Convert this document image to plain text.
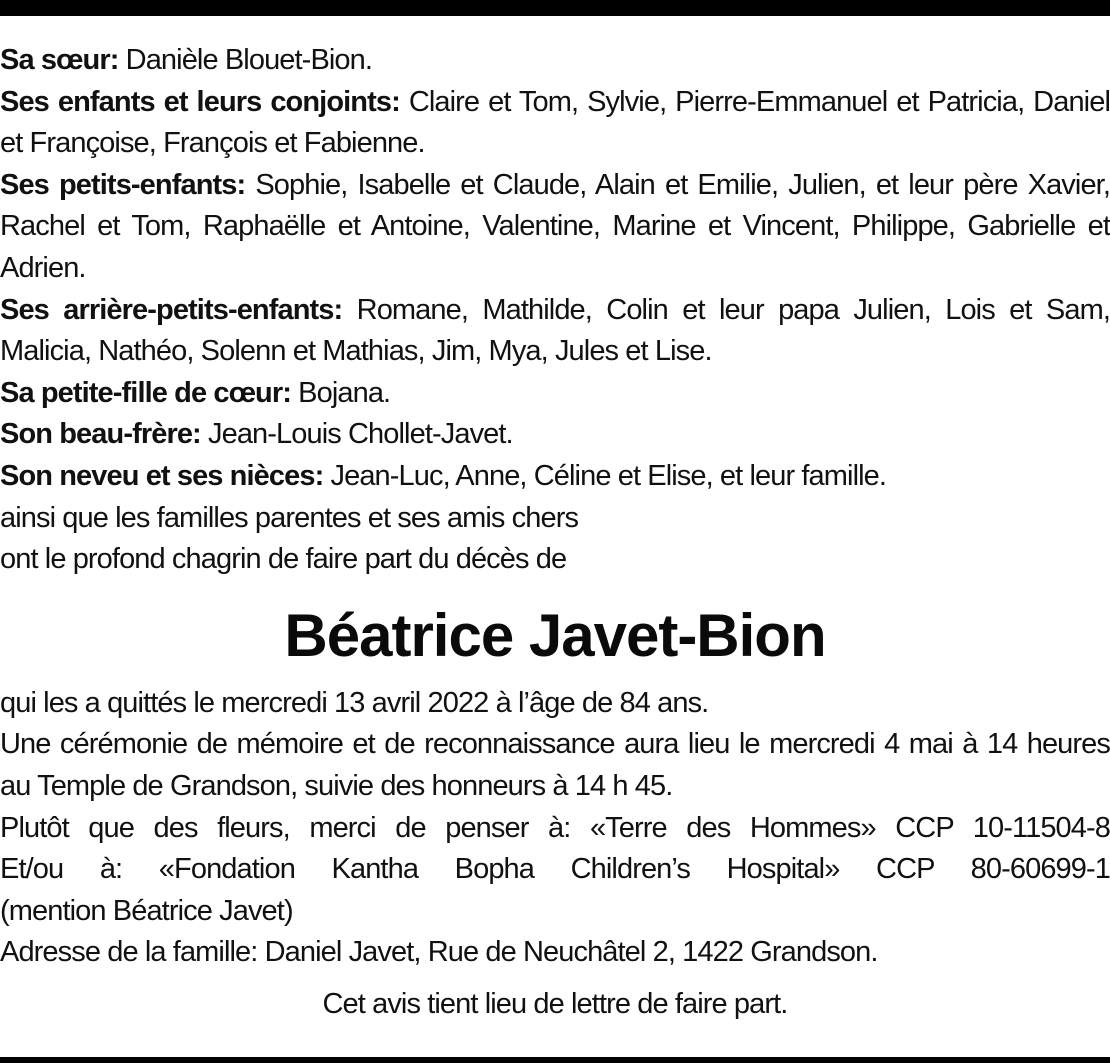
Sa sœur: Danièle Blouet-Bion.

Ses enfants et leurs conjoints: Claire et Tom, Sylvie, Pierre-Emmanuel et Patricia, Daniel et Françoise, François et Fabienne.

Ses petits-enfants: Sophie, Isabelle et Claude, Alain et Emilie, Julien, et leur père Xavier, Rachel et Tom, Raphaëlle et Antoine, Valentine, Marine et Vincent, Philippe, Gabrielle et Adrien.

Ses arrière-petits-enfants: Romane, Mathilde, Colin et leur papa Julien, Lois et Sam, Malicia, Nathéo, Solenn et Mathias, Jim, Mya, Jules et Lise.

Sa petite-fille de cœur: Bojana.

Son beau-frère: Jean-Louis Chollet-Javet.

Son neveu et ses nièces: Jean-Luc, Anne, Céline et Elise, et leur famille.

ainsi que les familles parentes et ses amis chers

ont le profond chagrin de faire part du décès de

Béatrice Javet-Bion

qui les a quittés le mercredi 13 avril 2022 à l’âge de 84 ans.

Une cérémonie de mémoire et de reconnaissance aura lieu le mercredi 4 mai à 14 heures au Temple de Grandson, suivie des honneurs à 14 h 45.

Plutôt que des fleurs, merci de penser à: «Terre des Hommes» CCP 10-11504-8

Et/ou à: «Fondation Kantha Bopha Children’s Hospital» CCP 80-60699-1

(mention Béatrice Javet)

Adresse de la famille: Daniel Javet, Rue de Neuchâtel 2, 1422 Grandson.

Cet avis tient lieu de lettre de faire part.
